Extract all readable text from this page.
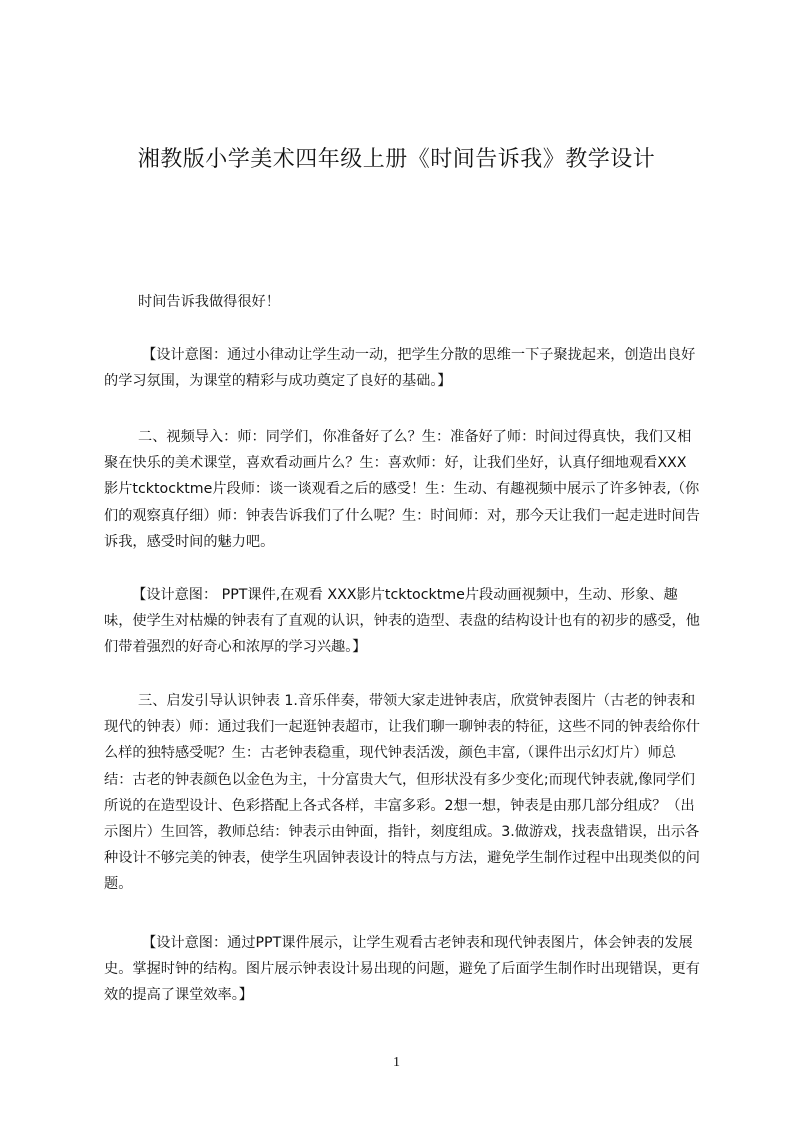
湘教版小学美术四年级上册《时间告诉我》教学设计
时间告诉我做得很好！
【设计意图：通过小律动让学生动一动，把学生分散的思维一下子聚拢起来，创造出良好的学习氛围，为课堂的精彩与成功奠定了良好的基础。】
二、视频导入：师：同学们，你准备好了么？生：准备好了师：时间过得真快，我们又相聚在快乐的美术课堂，喜欢看动画片么？生：喜欢师：好，让我们坐好，认真仔细地观看XXX影片tcktocktme片段师：谈一谈观看之后的感受！生：生动、有趣视频中展示了许多钟表,（你们的观察真仔细）师：钟表告诉我们了什么呢？生：时间师：对，那今天让我们一起走进时间告诉我，感受时间的魅力吧。
【设计意图： PPT课件,在观看 XXX影片tcktocktme片段动画视频中，生动、形象、趣味，使学生对枯燥的钟表有了直观的认识，钟表的造型、表盘的结构设计也有的初步的感受，他们带着强烈的好奇心和浓厚的学习兴趣。】
三、启发引导认识钟表 1.音乐伴奏，带领大家走进钟表店，欣赏钟表图片（古老的钟表和现代的钟表）师：通过我们一起逛钟表超市，让我们聊一聊钟表的特征，这些不同的钟表给你什么样的独特感受呢？生：古老钟表稳重，现代钟表活泼，颜色丰富,（课件出示幻灯片）师总结：古老的钟表颜色以金色为主，十分富贵大气，但形状没有多少变化;而现代钟表就,像同学们所说的在造型设计、色彩搭配上各式各样，丰富多彩。2想一想，钟表是由那几部分组成？（出示图片）生回答，教师总结：钟表示由钟面，指针，刻度组成。3.做游戏，找表盘错误，出示各种设计不够完美的钟表，使学生巩固钟表设计的特点与方法，避免学生制作过程中出现类似的问题。
【设计意图：通过PPT课件展示，让学生观看古老钟表和现代钟表图片，体会钟表的发展史。掌握时钟的结构。图片展示钟表设计易出现的问题，避免了后面学生制作时出现错误，更有效的提高了课堂效率。】
1
